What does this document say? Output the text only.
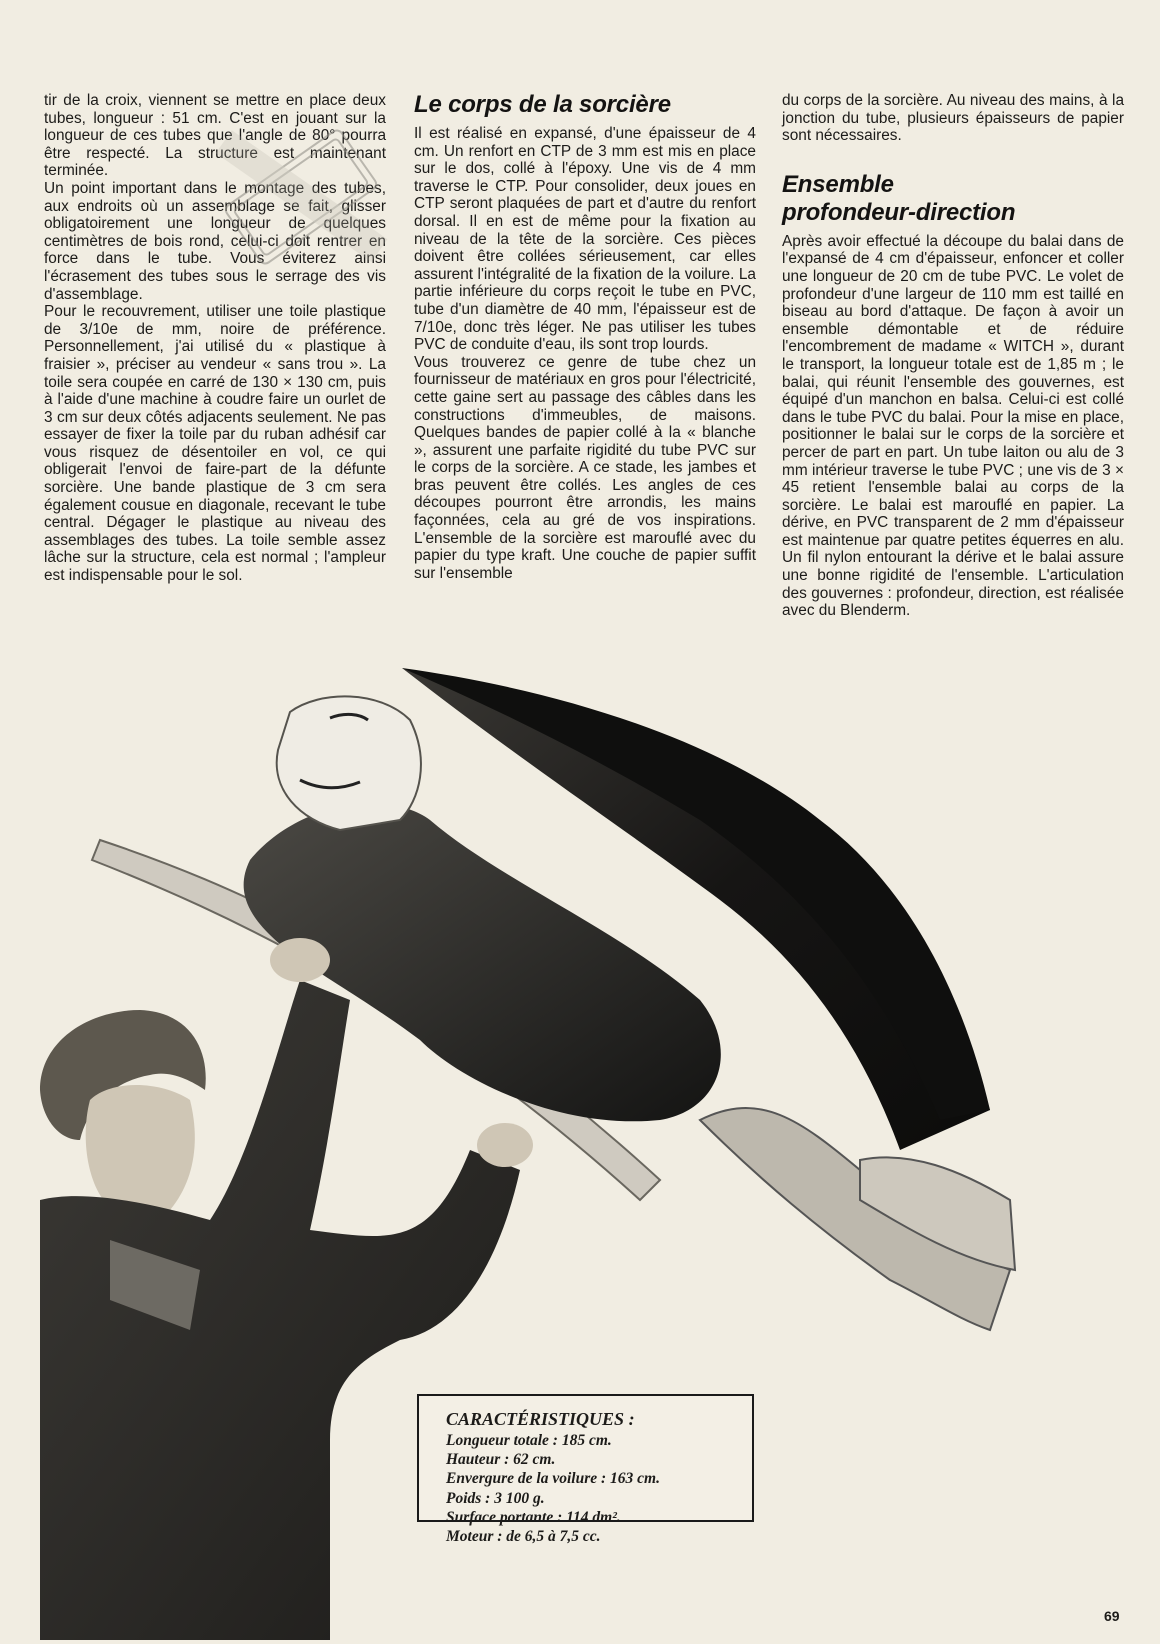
tir de la croix, viennent se mettre en place deux tubes, longueur : 51 cm. C'est en jouant sur la longueur de ces tubes que l'angle de 80° pourra être respecté. La structure est maintenant terminée.

Un point important dans le montage des tubes, aux endroits où un assemblage se fait, glisser obligatoirement une longueur de quelques centimètres de bois rond, celui-ci doit rentrer en force dans le tube. Vous éviterez ainsi l'écrasement des tubes sous le serrage des vis d'assemblage.

Pour le recouvrement, utiliser une toile plastique de 3/10e de mm, noire de préférence. Personnellement, j'ai utilisé du « plastique à fraisier », préciser au vendeur « sans trou ». La toile sera coupée en carré de 130 × 130 cm, puis à l'aide d'une machine à coudre faire un ourlet de 3 cm sur deux côtés adjacents seulement. Ne pas essayer de fixer la toile par du ruban adhésif car vous risquez de désentoiler en vol, ce qui obligerait l'envoi de faire-part de la défunte sorcière. Une bande plastique de 3 cm sera également cousue en diagonale, recevant le tube central. Dégager le plastique au niveau des assemblages des tubes. La toile semble assez lâche sur la structure, cela est normal ; l'ampleur est indispensable pour le sol.

Le corps de la sorcière

Il est réalisé en expansé, d'une épaisseur de 4 cm. Un renfort en CTP de 3 mm est mis en place sur le dos, collé à l'époxy. Une vis de 4 mm traverse le CTP. Pour consolider, deux joues en CTP seront plaquées de part et d'autre du renfort dorsal. Il en est de même pour la fixation au niveau de la tête de la sorcière. Ces pièces doivent être collées sérieusement, car elles assurent l'intégralité de la fixation de la voilure. La partie inférieure du corps reçoit le tube en PVC, tube d'un diamètre de 40 mm, l'épaisseur est de 7/10e, donc très léger. Ne pas utiliser les tubes PVC de conduite d'eau, ils sont trop lourds.

Vous trouverez ce genre de tube chez un fournisseur de matériaux en gros pour l'électricité, cette gaine sert au passage des câbles dans les constructions d'immeubles, de maisons. Quelques bandes de papier collé à la « blanche », assurent une parfaite rigidité du tube PVC sur le corps de la sorcière. A ce stade, les jambes et bras peuvent être collés. Les angles de ces découpes pourront être arrondis, les mains façonnées, cela au gré de vos inspirations. L'ensemble de la sorcière est marouflé avec du papier du type kraft. Une couche de papier suffit sur l'ensemble

du corps de la sorcière. Au niveau des mains, à la jonction du tube, plusieurs épaisseurs de papier sont nécessaires.

Ensemble
profondeur-direction

Après avoir effectué la découpe du balai dans de l'expansé de 4 cm d'épaisseur, enfoncer et coller une longueur de 20 cm de tube PVC. Le volet de profondeur d'une largeur de 110 mm est taillé en biseau au bord d'attaque. De façon à avoir un ensemble démontable et de réduire l'encombrement de madame « WITCH », durant le transport, la longueur totale est de 1,85 m ; le balai, qui réunit l'ensemble des gouvernes, est équipé d'un manchon en balsa. Celui-ci est collé dans le tube PVC du balai. Pour la mise en place, positionner le balai sur le corps de la sorcière et percer de part en part. Un tube laiton ou alu de 3 mm intérieur traverse le tube PVC ; une vis de 3 × 45 retient l'ensemble balai au corps de la sorcière. Le balai est marouflé en papier. La dérive, en PVC transparent de 2 mm d'épaisseur est maintenue par quatre petites équerres en alu. Un fil nylon entourant la dérive et le balai assure une bonne rigidité de l'ensemble. L'articulation des gouvernes : profondeur, direction, est réalisée avec du Blenderm.

CARACTÉRISTIQUES :
Longueur totale : 185 cm.
Hauteur : 62 cm.
Envergure de la voilure : 163 cm.
Poids : 3 100 g.
Surface portante : 114 dm².
Moteur : de 6,5 à 7,5 cc.
69
